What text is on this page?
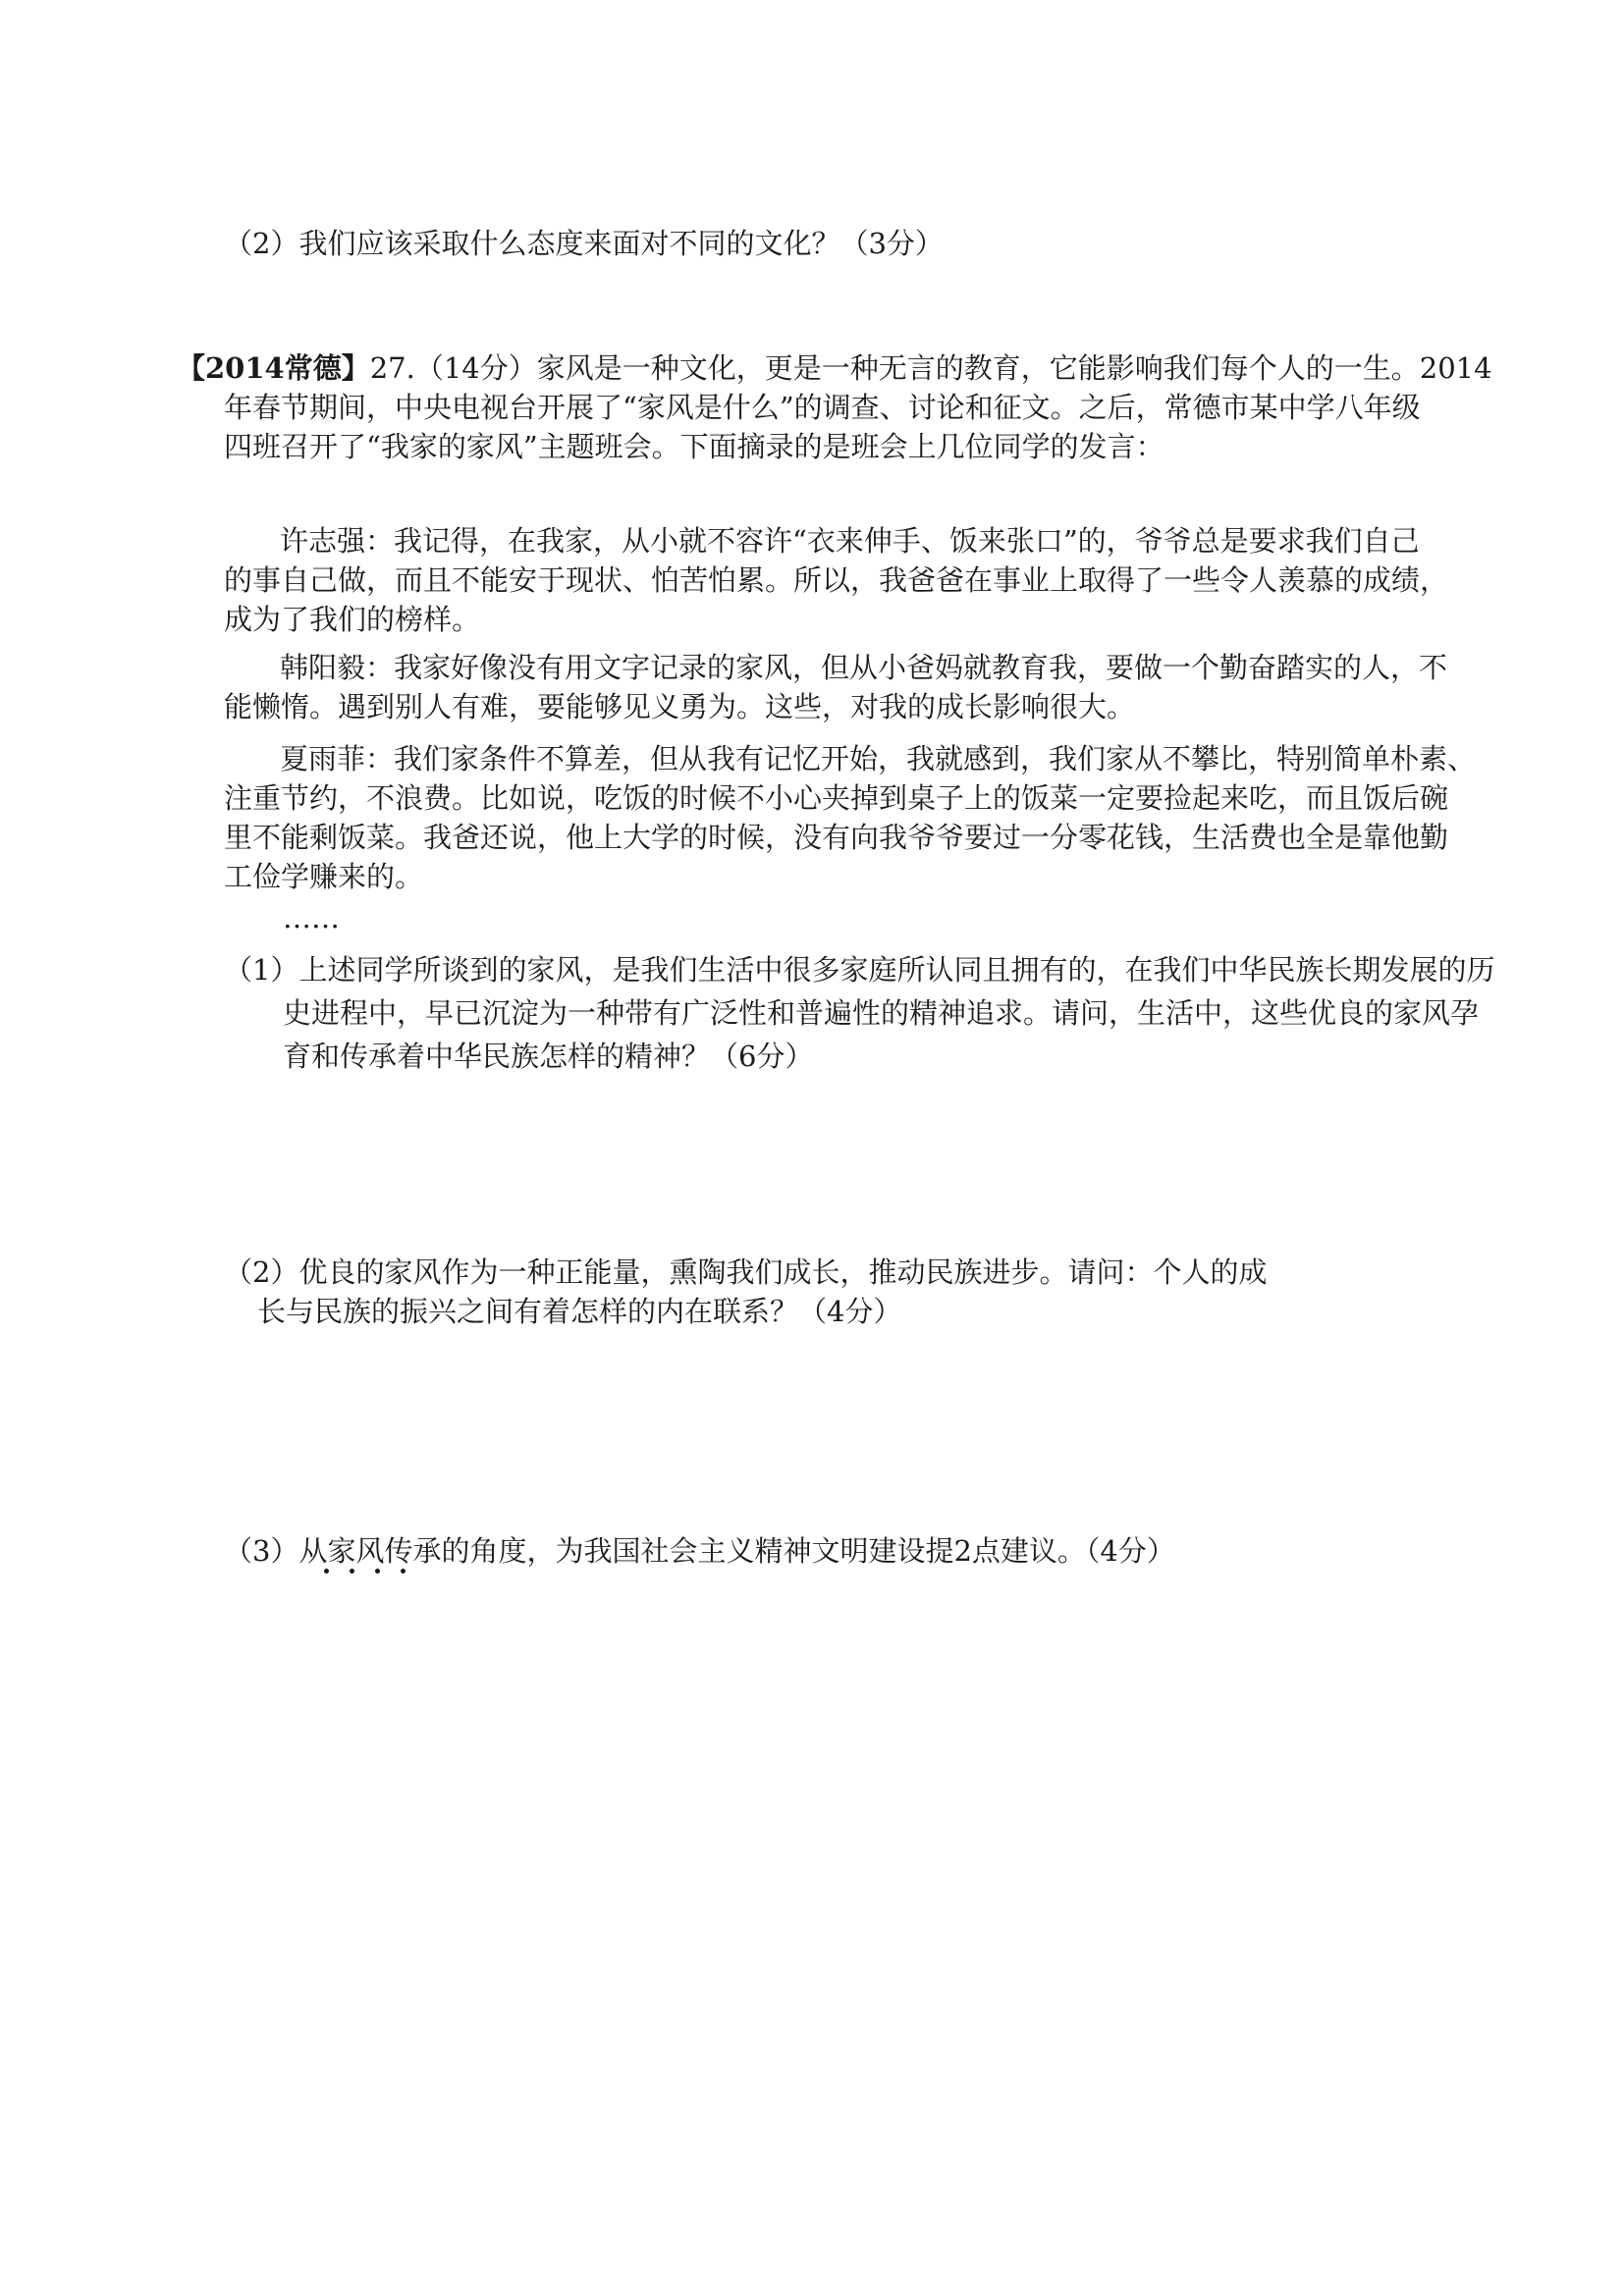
（2）我们应该采取什么态度来面对不同的文化？（3分）
【2014常德】27.（14分）家风是一种文化，更是一种无言的教育，它能影响我们每个人的一生。2014
年春节期间，中央电视台开展了“家风是什么”的调查、讨论和征文。之后，常德市某中学八年级
四班召开了“我家的家风”主题班会。下面摘录的是班会上几位同学的发言：
许志强：我记得，在我家，从小就不容许“衣来伸手、饭来张口”的，爷爷总是要求我们自己
的事自己做，而且不能安于现状、怕苦怕累。所以，我爸爸在事业上取得了一些令人羡慕的成绩，
成为了我们的榜样。
韩阳毅：我家好像没有用文字记录的家风，但从小爸妈就教育我，要做一个勤奋踏实的人，不
能懒惰。遇到别人有难，要能够见义勇为。这些，对我的成长影响很大。
夏雨菲：我们家条件不算差，但从我有记忆开始，我就感到，我们家从不攀比，特别简单朴素、
注重节约，不浪费。比如说，吃饭的时候不小心夹掉到桌子上的饭菜一定要捡起来吃，而且饭后碗
里不能剩饭菜。我爸还说，他上大学的时候，没有向我爷爷要过一分零花钱，生活费也全是靠他勤
工俭学赚来的。
……
（1）上述同学所谈到的家风，是我们生活中很多家庭所认同且拥有的，在我们中华民族长期发展的历
史进程中，早已沉淀为一种带有广泛性和普遍性的精神追求。请问，生活中，这些优良的家风孕
育和传承着中华民族怎样的精神？（6分）
（2）优良的家风作为一种正能量，熏陶我们成长，推动民族进步。请问：个人的成
长与民族的振兴之间有着怎样的内在联系？（4分）
（3）从家风传承的角度，为我国社会主义精神文明建设提2点建议。（4分）
